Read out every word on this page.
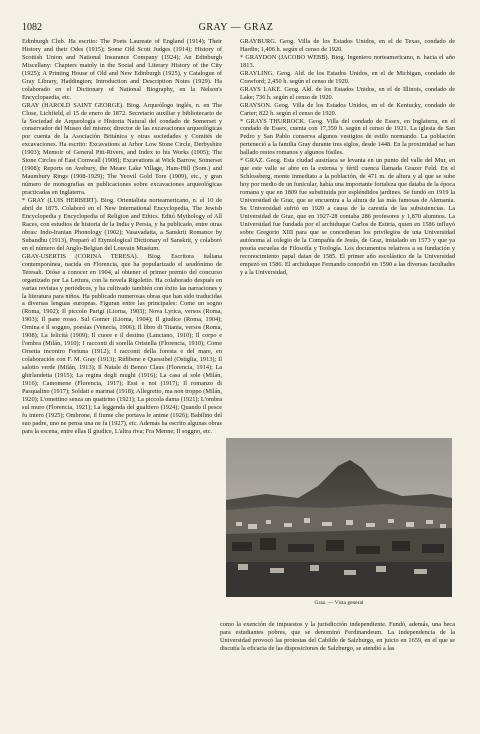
1082	GRAY — GRAZ

Edinburgh Club. Ha escrito: The Poets Laureate of England (1914); Their History and their Odes (1915); Some Old Scott Judges (1914); History of Scottish Union and National Insurance Company (1924); An Edinburgh Miscellany: Chapters mainly in the Social and Literary History of the City (1925); A Printing House of Old and New Edinburgh (1925), y Catalogue of Gray Library, Haddington; Introduction and Description Notes (1929). Ha colaborado en el Dictionary of National Biography, en la Nelson's Encyclopaedia, etc.

GRAY (HAROLD SAINT GEORGE). Biog. Arqueólogo inglés, n. en The Close, Lichfield, el 15 de enero de 1872. Secretario auxiliar y bibliotecario de la Sociedad de Arqueología e Historia Natural del condado de Somerset y conservador del Museo del mismo; director de las excavaciones arqueológicas por cuenta de la Asociación Británica y otras sociedades y Comités de excavaciones. Ha escrito: Excavations at Arbor Low Stone Circle, Derbyshire (1903); Memoir of General Pitt-Rivers, and Index to his Works (1905); The Stone Circles of East Cornwall (1908); Excavations at Wick Barrow, Somerset (1908); Reports on Avebury, the Meare Lake Village, Ham-Hill (Som.) and Maumbury Rings (1908-1929); The Yeovil Gold Tore (1909), etc., y gran número de monografías en publicaciones sobre excavaciones arqueológicas practicadas en Inglaterra.

* GRAY (LUIS HERBERT). Biog. Orientalista norteamericano, n. el 10 de abril de 1875. Colaboró en el New International Encyclopedia, The Jewish Encyclopedia y Encyclopedia of Religion and Ethics. Editó Mythology of All Races, con estudios de historia de la India y Persia, y ha publicado, entre otras obras: Indo-Iranian Phonology (1902); Vasavadatta, a Sanskrit Romance by Subandhu (1913), Preparó el Etymological Dictionary of Sanskrit, y colaboró en el número del Anglo-Belgian del Louvain Muséum.

GRAY-USERTIS (CORINA TERESA). Biog. Escritora italiana contemporánea, nacida en Florencia, que ha popularizado el seudónimo de Teresah. Dióse a conocer en 1904, al obtener el primer premio del concurso organizado por La Lettura, con la novela Rigoletto. Ha colaborado después en varias revistas y periódicos, y ha cultivado también con éxito las narraciones y la literatura para niños. Ha publicado numerosas obras que han sido traducidas a diversas lenguas europeas. Figuran entre las principales: Come un sogno (Roma, 1902); Il piccolo Parigi (Liorna, 1903); Nova Lyrica, versos (Roma, 1903); Il pane rosso. Sul Gomer (Liorna, 1904); Il giudice (Roma, 1904); Ornina e il soggno, poesías (Venecia, 1906); Il libro di Titania, versos (Roma, 1908); La felicità (1909); Il cuore e il destino (Lanciano, 1910); Il corpo e l'ombra (Milán, 1910); I racconti di sorella Oristella (Florencia, 1910); Come Orsetta incontro Fortuna (1912); I racconti della foresta e del mare, en colaboración con F. M. Gray (1913); Ridibene e Quessibel (Ostiglia, 1913); Il salotto verde (Milán, 1913); Il Natale di Benno Claus (Florencia, 1914); La ghirlandetta (1915); La regina degli mughi (1916); La casa al sole (Milán, 1916); Camomene (Florencia, 1917); Essi e noi (1917); Il romanzo di Pasqualino (1917); Soldati e marinai (1918); Allegretto, ma non troppo (Milán, 1920); L'omettino senza un quattrino (1921); La piccola dama (1921); L'ombra sul muro (Florencia, 1921); La leggenda del gualtiero (1924); Quando il pesce fu intero (1925); Ombrone, il fiume che portava le anime (1926); Babilino del suo padre, uno ne pensa una ne fa (1927), etc. Además ha escrito algunas obras para la escena, entre ellas Il giudice, L'altra riva; Fra Menne; Il soggno, etc.

GRAYBURG. Geog. Villa de los Estados Unidos, en el de Texas, condado de Hardin; 1,406 h. según el censo de 1920.

* GRAYDON (JACOBO WEBB). Biog. Ingeniero norteamericano, n. hacia el año 1813.

GRAYLING. Geog. Ald. de los Estados Unidos, en el de Michigan, condado de Crawford; 2,450 h. según el censo de 1920.

GRAYS LAKE. Geog. Ald. de los Estados Unidos, en el de Illinois, condado de Lake; 736 h. según el censo de 1920.

GRAYSON. Geog. Villa de los Estados Unidos, en el de Kentucky, condado de Carter; 822 h. según el censo de 1920.

* GRAYS THURROCK. Geog. Villa del condado de Essex, en Inglaterra, en el condado de Essex, cuenta con 17,359 h. según el censo de 1921. La iglesia de San Pedro y San Pablo conserva algunos vestigios de estilo normando. La población perteneció a la familia Gray durante tres siglos, desde 1448. En la proximidad se han hallado restos romanos y algunos fósiles.

* GRAZ. Geog. Esta ciudad austríaca se levanta en un punto del valle del Mur, en que este valle se abre en la extensa y fértil cuenca llamada Grazer Feld. En el Schlossberg, monte inmediato a la población, de 471 m. de altura y al que se sube hoy por medio de un funicular, había una importante fortaleza que databa de la época romana y que en 1809 fue substituida por espléndidos jardines. Se fundó en 1919 la Universidad de Graz, que se encuentra a la altura de las más famosas de Alemania. Su Universidad sufrió en 1920 a causa de la carestía de las subsistencias. La Universidad de Graz, que en 1927-28 contaba 286 profesores y 1,870 alumnos. La Universidad fue fundada por el archiduque Carlos de Estiria, quien en 1586 influyó sobre Gregorio XIII para que se concedieran los privilegios de una Universidad autónoma al colegio de la Compañía de Jesús, de Graz, instalado en 1573 y que ya poseía escuelas de Filosofía y Teología. Los documentos relativos a su fundación y reconocimiento papal datan de 1585. El primer año escolástico de la Universidad empezó en 1586. El archiduque Fernando concedió en 1590 a las diversas facultades y a la Universidad,

Graz. — Vista general

como la exención de impuestos y la jurisdicción independiente. Fundó, además, una beca para estudiantes pobres, que se denominó Ferdinandeum. La independencia de la Universidad provocó las protestas del Cabildo de Salzburgo, en juicio en 1659, en el que se discutía la eficacia de las disposiciones de Salzburgo, se atendió a las
